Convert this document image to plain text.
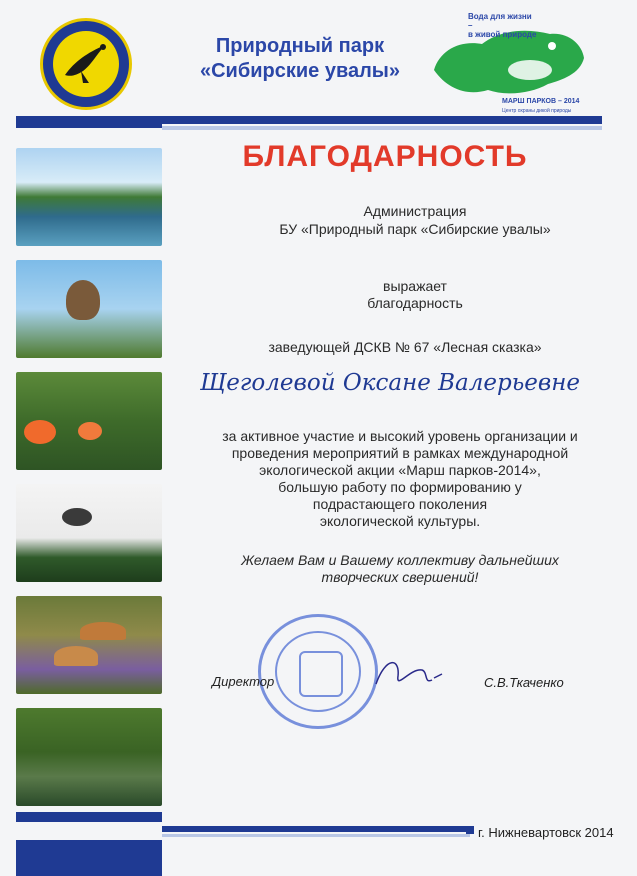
Природный парк
«Сибирские увалы»
Вода для жизни –
в живой природе
МАРШ ПАРКОВ – 2014
Центр охраны дикой природы
БЛАГОДАРНОСТЬ
Администрация
БУ «Природный парк «Сибирские увалы»
выражает
благодарность
заведующей ДСКВ № 67 «Лесная сказка»
Щеголевой Оксане Валерьевне
за активное участие и высокий уровень организации и
проведения мероприятий в рамках международной
экологической акции «Марш парков-2014»,
большую работу по формированию у
подрастающего поколения
экологической культуры.
Желаем Вам и Вашему коллективу дальнейших
творческих свершений!
Директор	С.В.Ткаченко
г. Нижневартовск 2014
